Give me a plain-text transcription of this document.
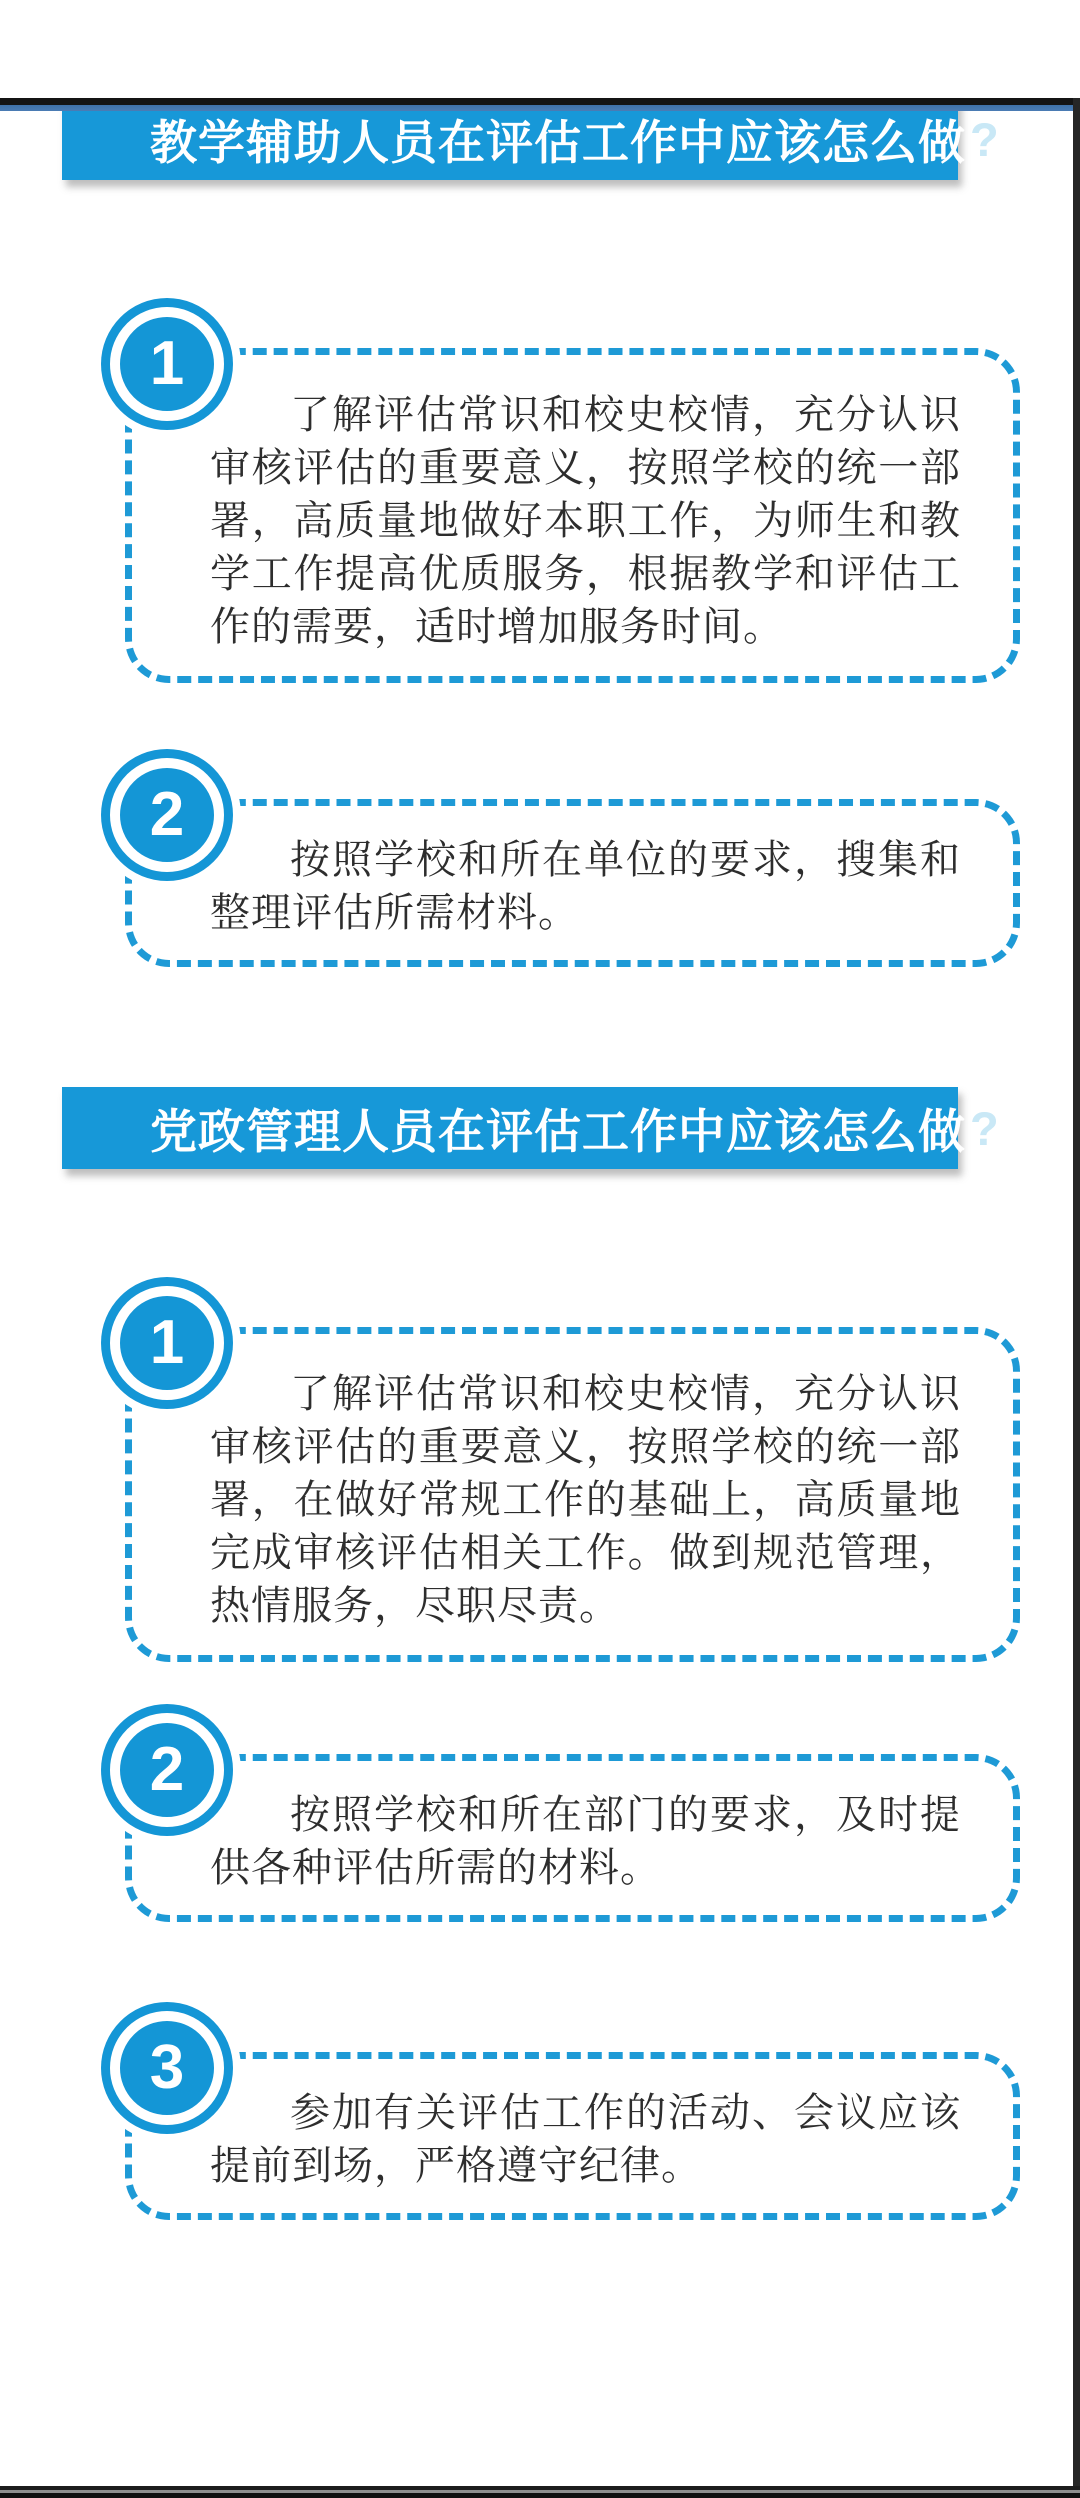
教学辅助人员在评估工作中应该怎么做 ?
1

了解评估常识和校史校情，充分认识审核评估的重要意义，按照学校的统一部署，高质量地做好本职工作，为师生和教学工作提高优质服务，根据教学和评估工作的需要，适时增加服务时间。

2

按照学校和所在单位的要求，搜集和整理评估所需材料。

党政管理人员在评估工作中应该怎么做 ?
1

了解评估常识和校史校情，充分认识审核评估的重要意义，按照学校的统一部署，在做好常规工作的基础上，高质量地完成审核评估相关工作。做到规范管理，热情服务，尽职尽责。

2

按照学校和所在部门的要求，及时提供各种评估所需的材料。

3

参加有关评估工作的活动、会议应该提前到场，严格遵守纪律。
